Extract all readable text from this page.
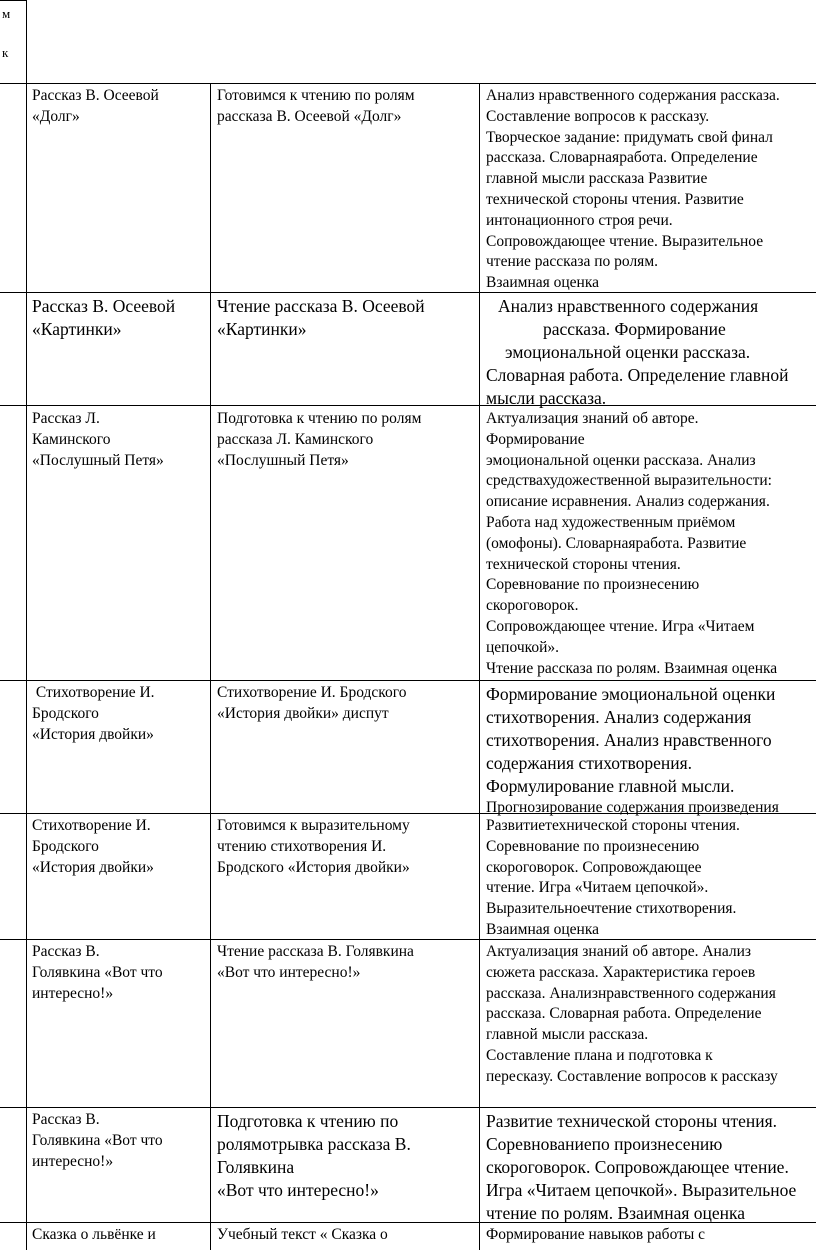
м

к

Рассказ В. Осеевой

«Долг»

Готовимся к чтению по ролям

рассказа В. Осеевой «Долг»

Анализ нравственного содержания рассказа.

Составление вопросов к рассказу.

Творческое задание: придумать свой финал

рассказа. Словарнаяработа. Определение

главной мысли рассказа Развитие

технической стороны чтения. Развитие

интонационного строя речи.

Сопровождающее чтение. Выразительное

чтение рассказа по ролям.

Взаимная оценка

Рассказ В. Осеевой

«Картинки»

Чтение рассказа В. Осеевой

«Картинки»

Анализ нравственного содержания

рассказа. Формирование

эмоциональной оценки рассказа.

Словарная работа. Определение главной

мысли рассказа.

Рассказ Л.

Каминского

«Послушный Петя»

Подготовка к чтению по ролям

рассказа Л. Каминского

«Послушный Петя»

Актуализация знаний об авторе.

Формирование

эмоциональной оценки рассказа. Анализ

средствахудожественной выразительности:

описание исравнения. Анализ содержания.

Работа над художественным приёмом

(омофоны). Словарнаяработа. Развитие

технической стороны чтения.

Соревнование по произнесению

скороговорок.

Сопровождающее чтение. Игра «Читаем

цепочкой».

Чтение рассказа по ролям. Взаимная оценка

Стихотворение И.

Бродского

«История двойки»

Стихотворение И. Бродского

«История двойки» диспут

Формирование эмоциональной оценки

стихотворения. Анализ содержания

стихотворения. Анализ нравственного

содержания стихотворения.

Формулирование главной мысли.

Прогнозирование содержания произведения

Стихотворение И.

Бродского

«История двойки»

Готовимся к выразительному

чтению стихотворения И.

Бродского «История двойки»

Развитиетехнической стороны чтения.

Соревнование по произнесению

скороговорок. Сопровождающее

чтение. Игра «Читаем цепочкой».

Выразительноечтение стихотворения.

Взаимная оценка

Рассказ В.

Голявкина «Вот что

интересно!»

Чтение рассказа В. Голявкина

«Вот что интересно!»

Актуализация знаний об авторе. Анализ

сюжета рассказа. Характеристика героев

рассказа. Анализнравственного содержания

рассказа. Словарная работа. Определение

главной мысли рассказа.

Составление плана и подготовка к

пересказу. Составление вопросов к рассказу

Рассказ В.

Голявкина «Вот что

интересно!»

Подготовка к чтению по

ролямотрывка рассказа В.

Голявкина

«Вот что интересно!»

Развитие технической стороны чтения.

Соревнованиепо произнесению

скороговорок. Сопровождающее чтение.

Игра «Читаем цепочкой». Выразительное

чтение по ролям. Взаимная оценка

Сказка о львёнке и	Учебный текст « Сказка о	Формирование навыков работы с
